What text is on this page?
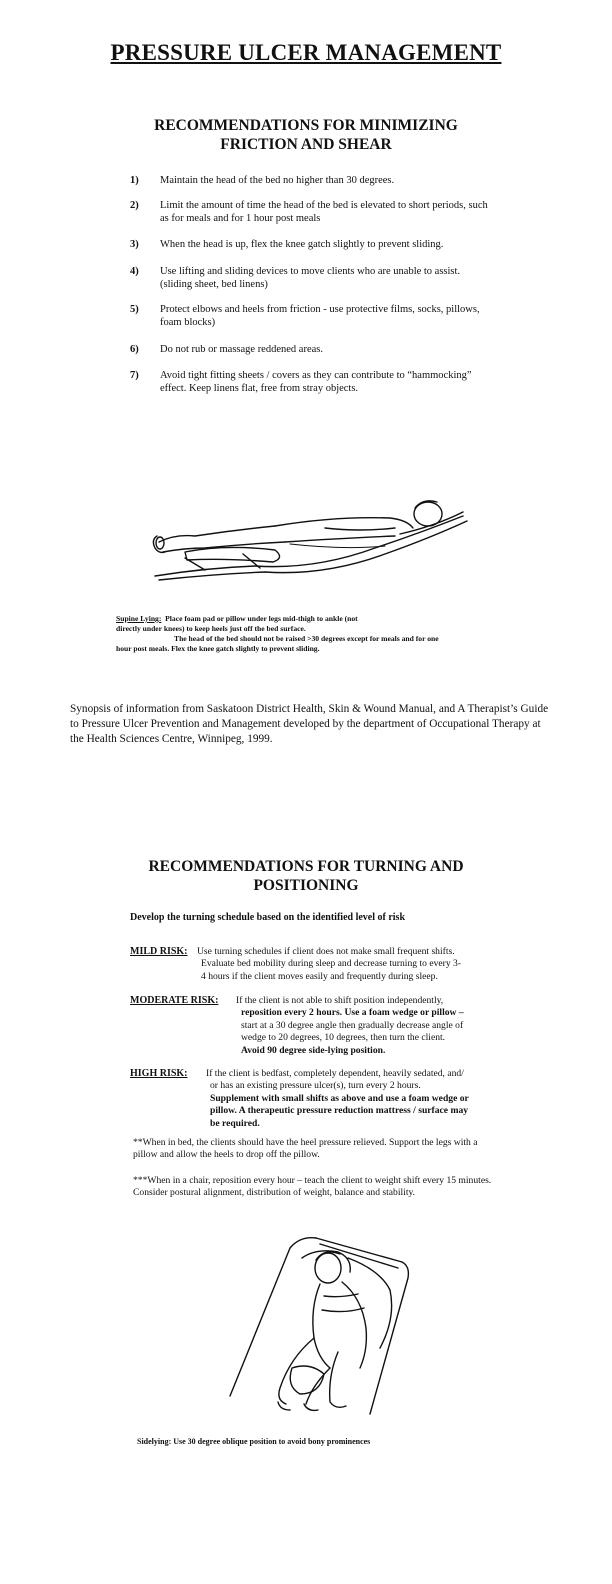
PRESSURE ULCER MANAGEMENT
RECOMMENDATIONS FOR MINIMIZING
FRICTION AND SHEAR
1) Maintain the head of the bed no higher than 30 degrees.
2) Limit the amount of time the head of the bed is elevated to short periods, such as for meals and for 1 hour post meals
3) When the head is up, flex the knee gatch slightly to prevent sliding.
4) Use lifting and sliding devices to move clients who are unable to assist. (sliding sheet, bed linens)
5) Protect elbows and heels from friction - use protective films, socks, pillows, foam blocks)
6) Do not rub or massage reddened areas.
7) Avoid tight fitting sheets / covers as they can contribute to “hammocking” effect. Keep linens flat, free from stray objects.
Supine Lying: Place foam pad or pillow under legs mid-thigh to ankle (not
directly under knees) to keep heels just off the bed surface.
The head of the bed should not be raised >30 degrees except for meals and for one
hour post meals. Flex the knee gatch slightly to prevent sliding.
Synopsis of information from Saskatoon District Health, Skin & Wound Manual, and A Therapist’s Guide to Pressure Ulcer Prevention and Management developed by the department of Occupational Therapy at the Health Sciences Centre, Winnipeg, 1999.
RECOMMENDATIONS FOR TURNING AND
POSITIONING
Develop the turning schedule based on the identified level of risk
MILD RISK: Use turning schedules if client does not make small frequent shifts.
Evaluate bed mobility during sleep and decrease turning to every 3-
4 hours if the client moves easily and frequently during sleep.
MODERATE RISK: If the client is not able to shift position independently,
reposition every 2 hours. Use a foam wedge or pillow –
start at a 30 degree angle then gradually decrease angle of
wedge to 20 degrees, 10 degrees, then turn the client.
Avoid 90 degree side-lying position.
HIGH RISK: If the client is bedfast, completely dependent, heavily sedated, and/
or has an existing pressure ulcer(s), turn every 2 hours.
Supplement with small shifts as above and use a foam wedge or
pillow. A therapeutic pressure reduction mattress / surface may
be required.
**When in bed, the clients should have the heel pressure relieved. Support the legs with a pillow and allow the heels to drop off the pillow.
***When in a chair, reposition every hour – teach the client to weight shift every 15 minutes. Consider postural alignment, distribution of weight, balance and stability.
Sidelying: Use 30 degree oblique position to avoid bony prominences
